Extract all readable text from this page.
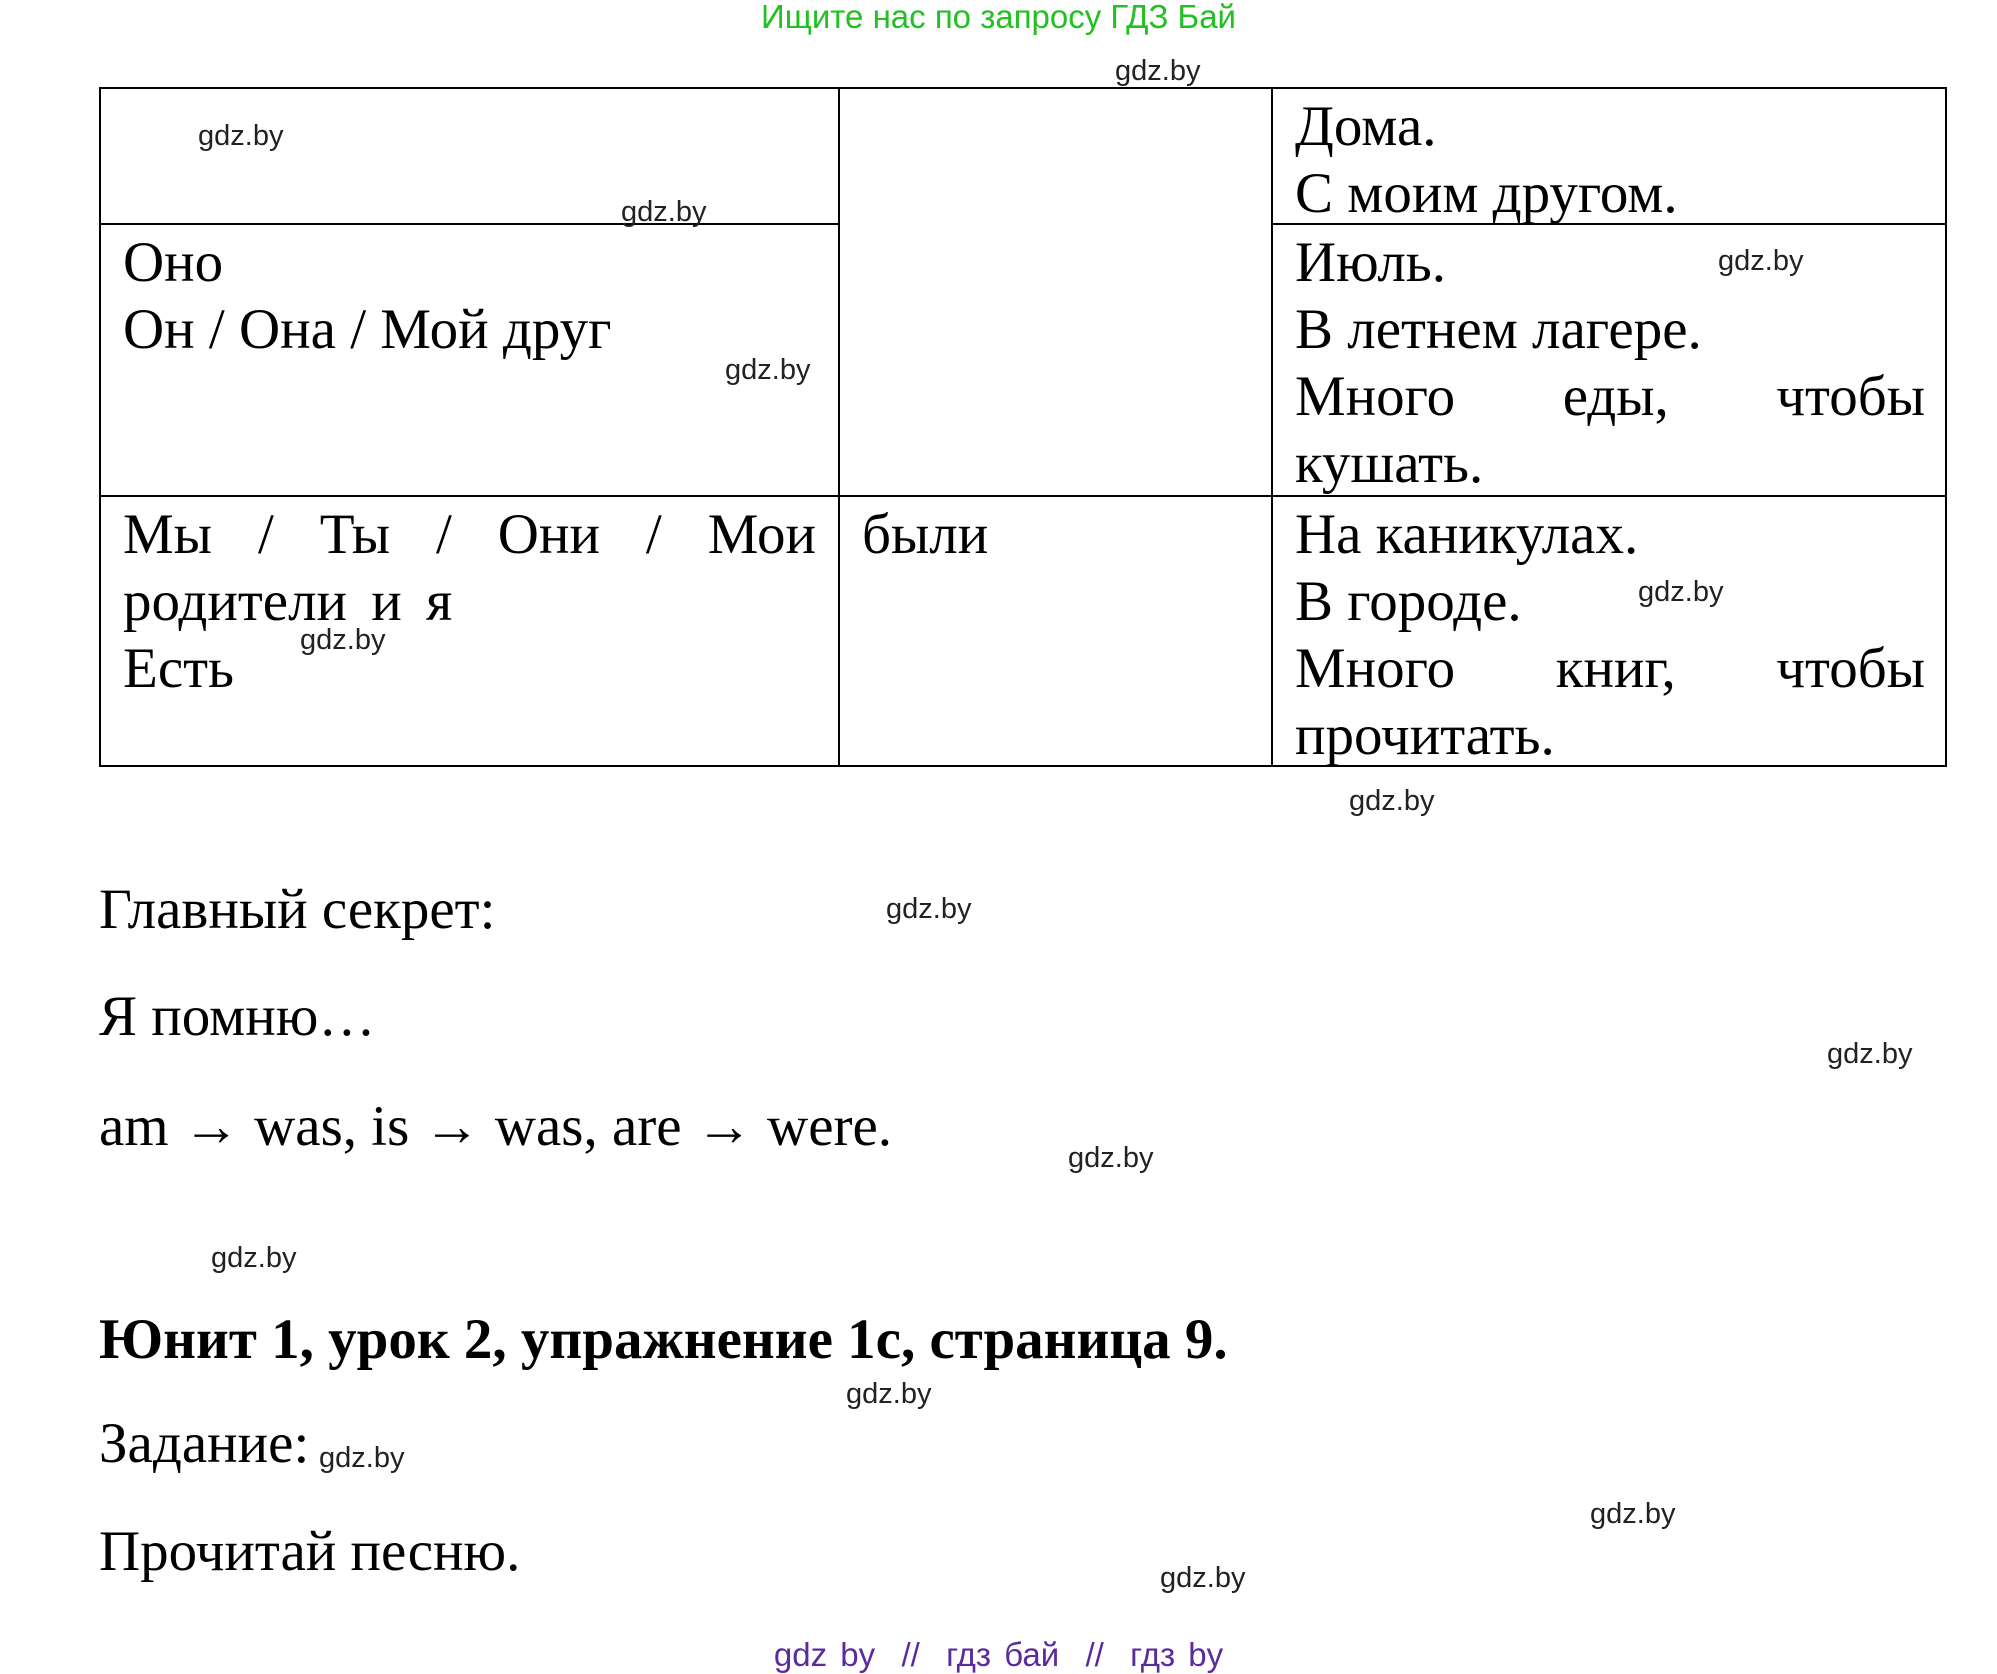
Ищите нас по запросу ГДЗ Бай
Дома.
С моим другом.
Оно
Он / Она / Мой друг
Июль.
В летнем лагере.
Много еды, чтобы кушать.
Мы / Ты / Они / Мои родители и я
Есть
были	На каникулах.
В городе.
Много книг, чтобы прочитать.
Главный секрет:
Я помню…
am → was, is → was, are → were.
Юнит 1, урок 2, упражнение 1c, страница 9.
Задание:
Прочитай песню.
gdz.by
gdz.by
gdz.by
gdz.by
gdz.by
gdz.by
gdz.by
gdz.by
gdz.by
gdz.by
gdz.by
gdz.by
gdz.by
gdz.by
gdz.by
gdz.by
gdz by  //  гдз бай  //  гдз by
